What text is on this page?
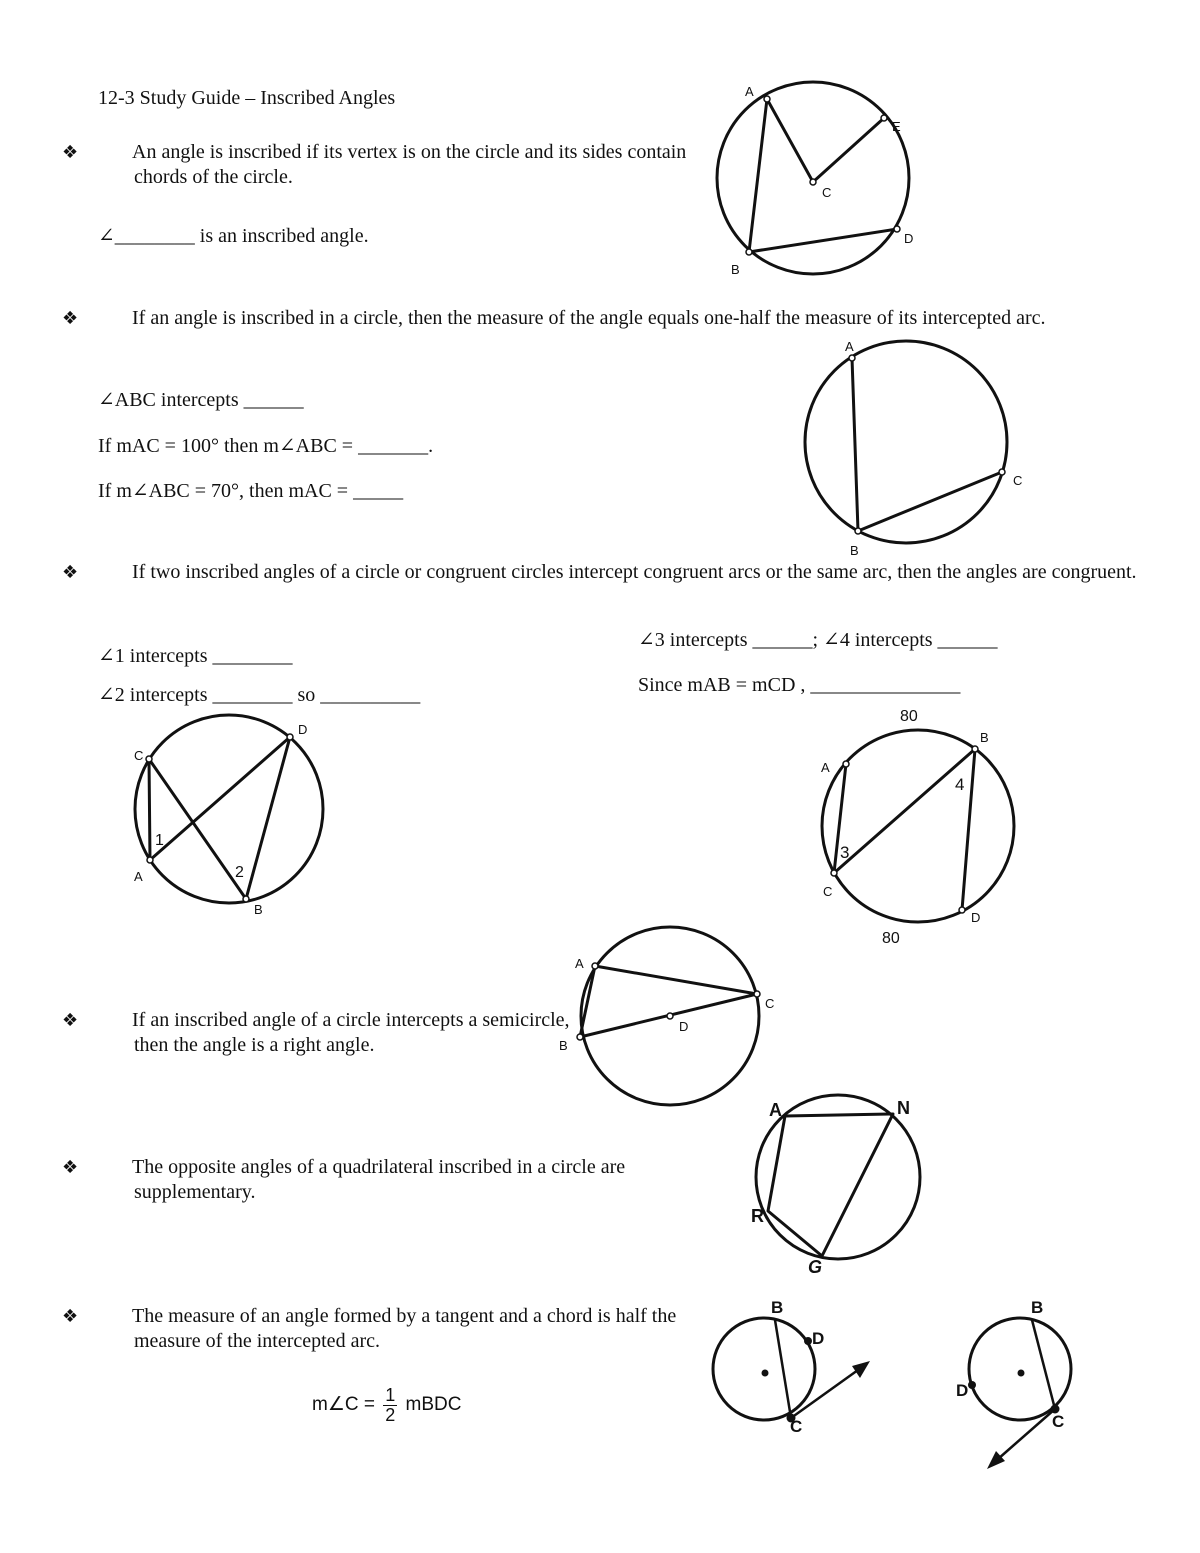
12-3 Study Guide – Inscribed Angles
❖	An angle is inscribed if its vertex is on the circle and its sides contain chords of the circle.
∠________ is an inscribed angle.
❖	If an angle is inscribed in a circle, then the measure of the angle equals one-half the measure of its intercepted arc.
∠ABC intercepts ______
If mAC = 100° then m∠ABC = _______.
If m∠ABC = 70°, then mAC = _____
❖	If two inscribed angles of a circle or congruent circles intercept congruent arcs or the same arc, then the angles are congruent.
∠1 intercepts ________
∠2 intercepts ________ so __________
∠3 intercepts ______; ∠4 intercepts ______
Since mAB = mCD , _______________
❖	If an inscribed angle of a circle intercepts a semicircle, then the angle is a right angle.
❖	The opposite angles of a quadrilateral inscribed in a circle are supplementary.
❖	The measure of an angle formed by a tangent and a chord is half the measure of the intercepted arc.
m∠C = $\frac{1}{2}$ mBDC
A
E
C
D
B
A
C
B
C
D
A
B
1
2
80
B
A
4
3
C
D
80
A
C
D
B
A	N
R
G
B
D
C
B
D
C
